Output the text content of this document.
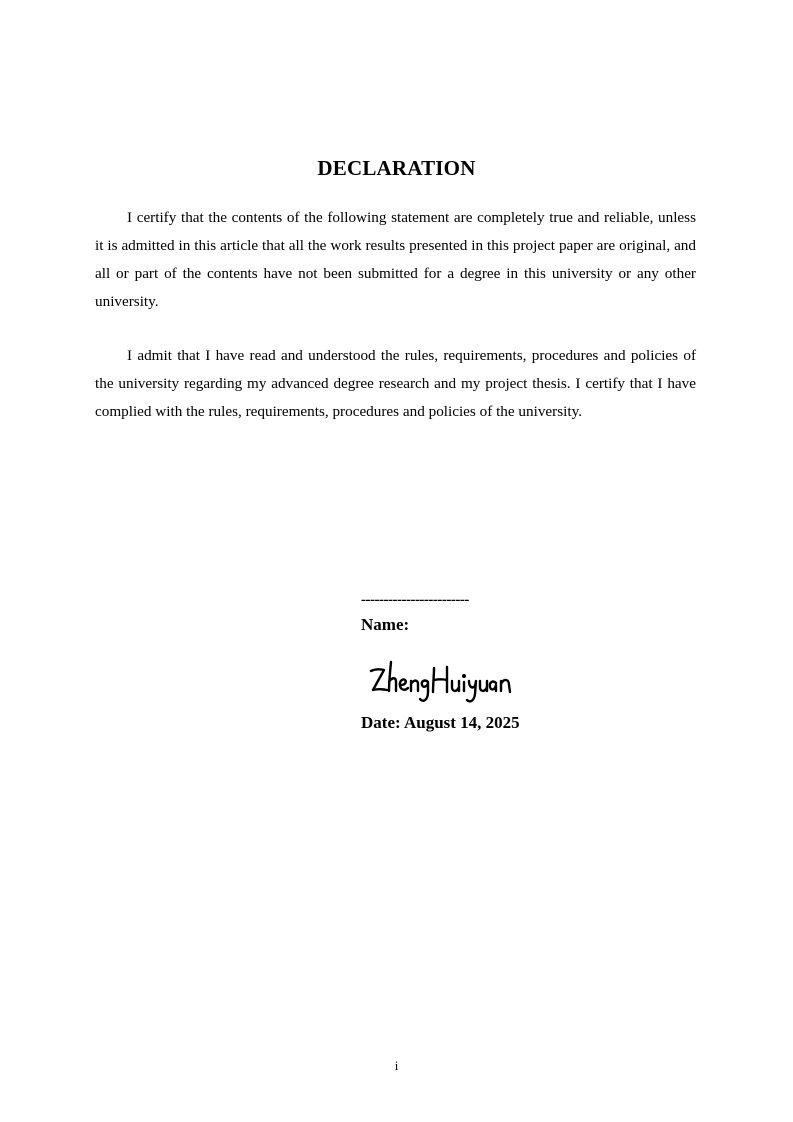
DECLARATION

I certify that the contents of the following statement are completely true and reliable, unless it is admitted in this article that all the work results presented in this project paper are original, and all or part of the contents have not been submitted for a degree in this university or any other university.

I admit that I have read and understood the rules, requirements, procedures and policies of the university regarding my advanced degree research and my project thesis. I certify that I have complied with the rules, requirements, procedures and policies of the university.

------------------------
Name:
Date: August 14, 2025
i
